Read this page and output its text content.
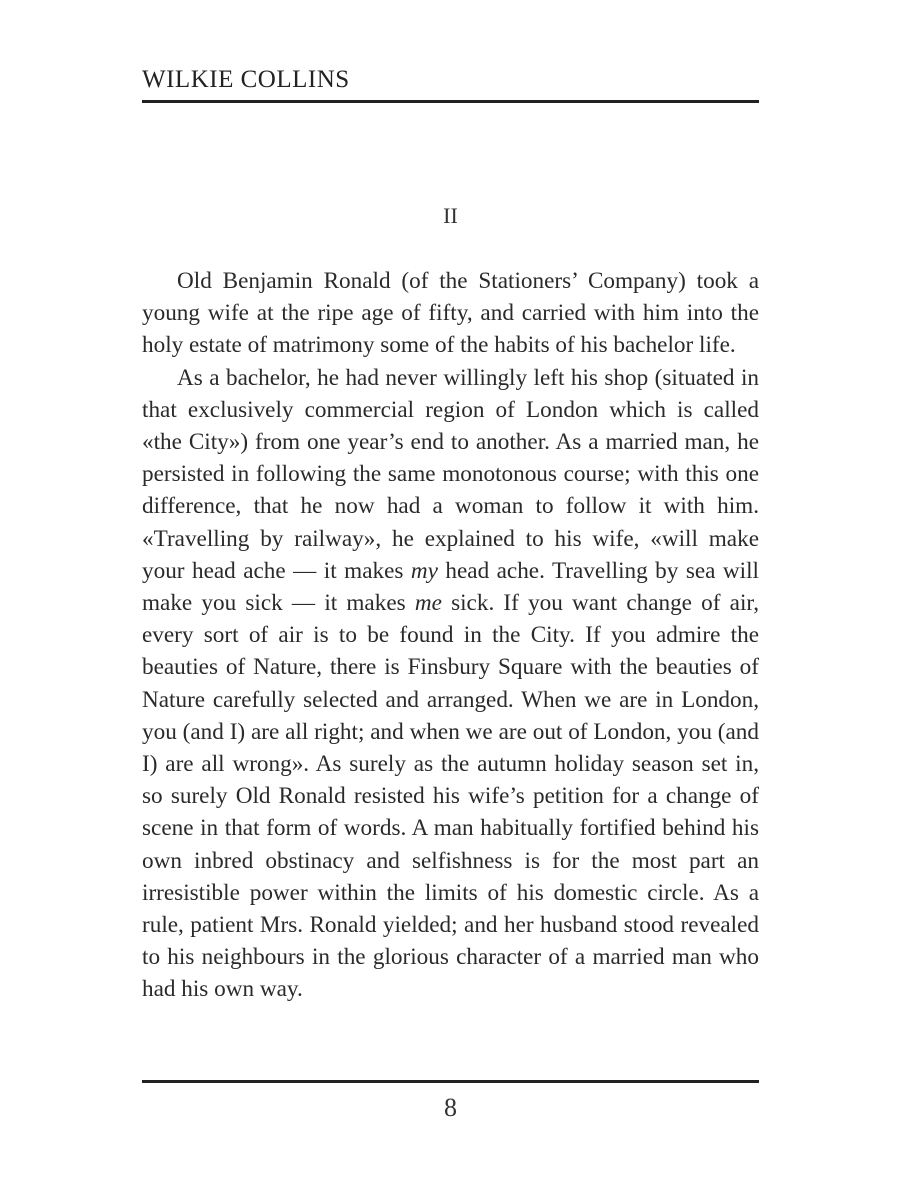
WILKIE COLLINS
II

Old Benjamin Ronald (of the Stationers’ Company) took a young wife at the ripe age of fifty, and carried with him into the holy estate of matrimony some of the habits of his bachelor life.

As a bachelor, he had never willingly left his shop (situated in that exclusively commercial region of London which is called «the City») from one year’s end to another. As a married man, he persisted in following the same monotonous course; with this one difference, that he now had a woman to follow it with him. «Travelling by railway», he explained to his wife, «will make your head ache — it makes my head ache. Travelling by sea will make you sick — it makes me sick. If you want change of air, every sort of air is to be found in the City. If you admire the beauties of Nature, there is Finsbury Square with the beauties of Nature carefully selected and arranged. When we are in London, you (and I) are all right; and when we are out of London, you (and I) are all wrong». As surely as the autumn holiday season set in, so surely Old Ronald resisted his wife’s petition for a change of scene in that form of words. A man habitually fortified behind his own inbred obstinacy and selfishness is for the most part an irresistible power within the limits of his domestic circle. As a rule, patient Mrs. Ronald yielded; and her husband stood revealed to his neighbours in the glorious character of a married man who had his own way.

8
